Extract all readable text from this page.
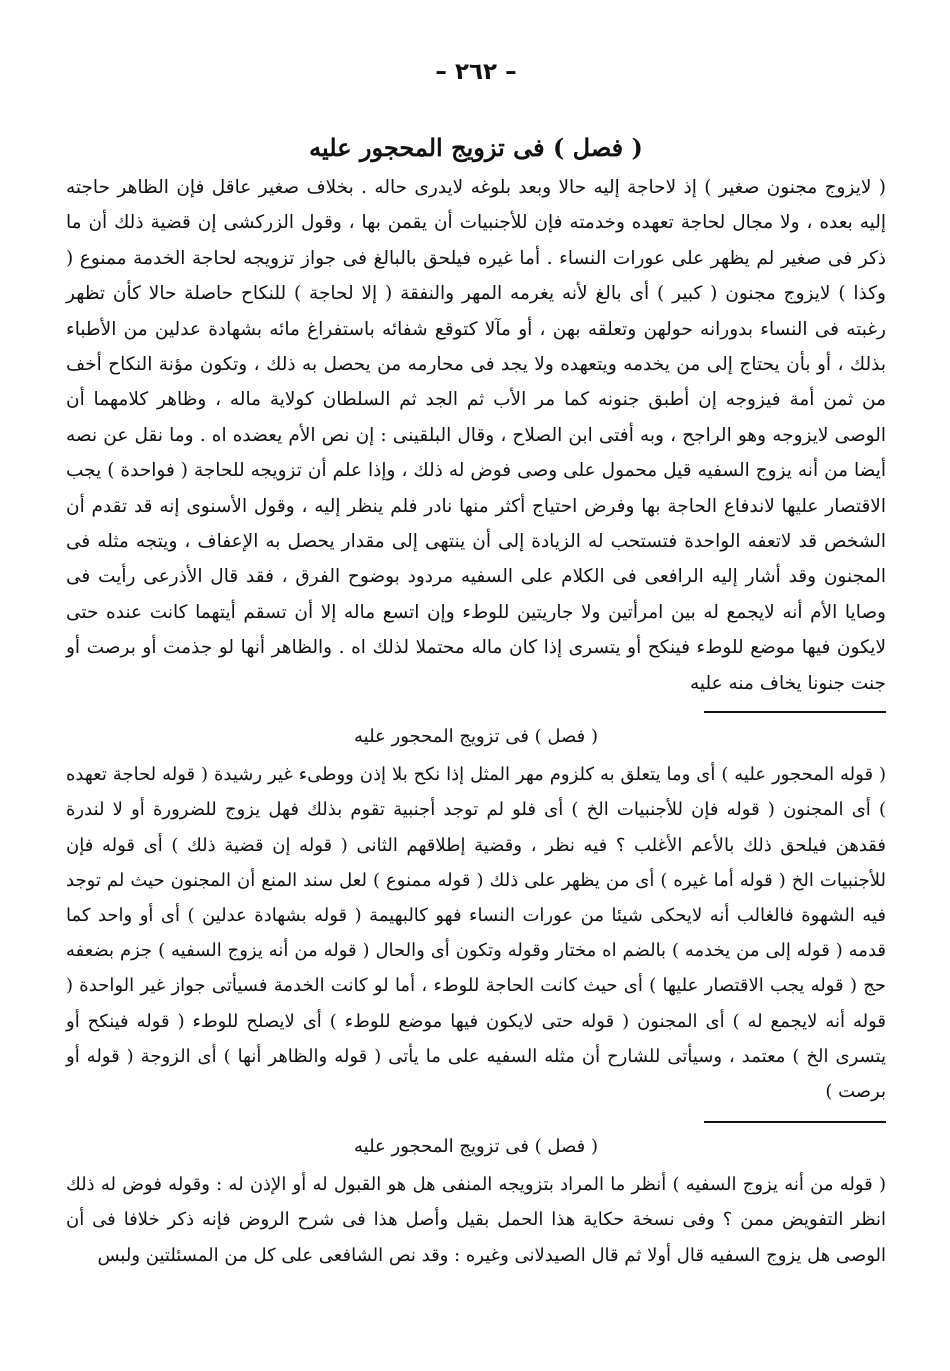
– ٢٦٢ –
( فصل ) فى تزويج المحجور عليه

( لايزوج مجنون صغير ) إذ لاحاجة إليه حالا وبعد بلوغه لايدرى حاله . بخلاف صغير عاقل فإن الظاهر حاجته إليه بعده ، ولا مجال لحاجة تعهده وخدمته فإن للأجنبيات أن يقمن بها ، وقول الزركشى إن قضية ذلك أن ما ذكر فى صغير لم يظهر على عورات النساء . أما غيره فيلحق بالبالغ فى جواز تزويجه لحاجة الخدمة ممنوع ( وكذا ) لايزوج مجنون ( كبير ) أى بالغ لأنه يغرمه المهر والنفقة ( إلا لحاجة ) للنكاح حاصلة حالا كأن تظهر رغبته فى النساء بدورانه حولهن وتعلقه بهن ، أو مآلا كتوقع شفائه باستفراغ مائه بشهادة عدلين من الأطباء بذلك ، أو بأن يحتاج إلى من يخدمه ويتعهده ولا يجد فى محارمه من يحصل به ذلك ، وتكون مؤنة النكاح أخف من ثمن أمة فيزوجه إن أطبق جنونه كما مر الأب ثم الجد ثم السلطان كولاية ماله ، وظاهر كلامهما أن الوصى لايزوجه وهو الراجح ، وبه أفتى ابن الصلاح ، وقال البلقينى : إن نص الأم يعضده اه . وما نقل عن نصه أيضا من أنه يزوج السفيه قيل محمول على وصى فوض له ذلك ، وإذا علم أن تزويجه للحاجة ( فواحدة ) يجب الاقتصار عليها لاندفاع الحاجة بها وفرض احتياج أكثر منها نادر فلم ينظر إليه ، وقول الأسنوى إنه قد تقدم أن الشخص قد لاتعفه الواحدة فتستحب له الزيادة إلى أن ينتهى إلى مقدار يحصل به الإعفاف ، ويتجه مثله فى المجنون وقد أشار إليه الرافعى فى الكلام على السفيه مردود بوضوح الفرق ، فقد قال الأذرعى رأيت فى وصايا الأم أنه لايجمع له بين امرأتين ولا جاريتين للوطء وإن اتسع ماله إلا أن تسقم أيتهما كانت عنده حتى لايكون فيها موضع للوطء فينكح أو يتسرى إذا كان ماله محتملا لذلك اه . والظاهر أنها لو جذمت أو برصت أو جنت جنونا يخاف منه عليه

( فصل ) فى تزويج المحجور عليه

( قوله المحجور عليه ) أى وما يتعلق به كلزوم مهر المثل إذا نكح بلا إذن ووطىء غير رشيدة ( قوله لحاجة تعهده ) أى المجنون ( قوله فإن للأجنبيات الخ ) أى فلو لم توجد أجنبية تقوم بذلك فهل يزوج للضرورة أو لا لندرة فقدهن فيلحق ذلك بالأعم الأغلب ؟ فيه نظر ، وقضية إطلاقهم الثانى ( قوله إن قضية ذلك ) أى قوله فإن للأجنبيات الخ ( قوله أما غيره ) أى من يظهر على ذلك ( قوله ممنوع ) لعل سند المنع أن المجنون حيث لم توجد فيه الشهوة فالغالب أنه لايحكى شيئا من عورات النساء فهو كالبهيمة ( قوله بشهادة عدلين ) أى أو واحد كما قدمه ( قوله إلى من يخدمه ) بالضم اه مختار وقوله وتكون أى والحال ( قوله من أنه يزوج السفيه ) جزم بضعفه حج ( قوله يجب الاقتصار عليها ) أى حيث كانت الحاجة للوطء ، أما لو كانت الخدمة فسيأتى جواز غير الواحدة ( قوله أنه لايجمع له ) أى المجنون ( قوله حتى لايكون فيها موضع للوطء ) أى لايصلح للوطء ( قوله فينكح أو يتسرى الخ ) معتمد ، وسيأتى للشارح أن مثله السفيه على ما يأتى ( قوله والظاهر أنها ) أى الزوجة ( قوله أو برصت )

( فصل ) فى تزويج المحجور عليه

( قوله من أنه يزوج السفيه ) أنظر ما المراد بتزويجه المنفى هل هو القبول له أو الإذن له : وقوله فوض له ذلك انظر التفويض ممن ؟ وفى نسخة حكاية هذا الحمل بقيل وأصل هذا فى شرح الروض فإنه ذكر خلافا فى أن الوصى هل يزوج السفيه قال أولا ثم قال الصيدلانى وغيره : وقد نص الشافعى على كل من المسئلتين ولبس
